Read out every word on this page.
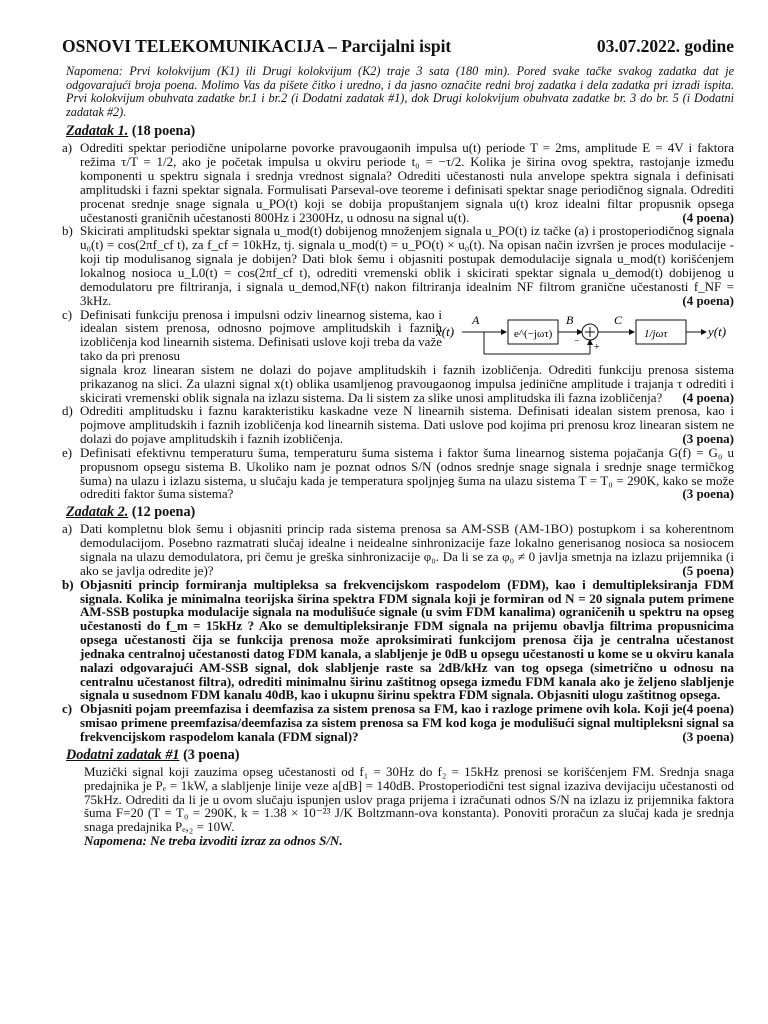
OSNOVI TELEKOMUNIKACIJA – Parcijalni ispit	03.07.2022. godine
Napomena: Prvi kolokvijum (K1) ili Drugi kolokvijum (K2) traje 3 sata (180 min). Pored svake tačke svakog zadatka dat je odgovarajući broja poena. Molimo Vas da pišete čitko i uredno, i da jasno označite redni broj zadatka i dela zadatka pri izradi ispita. Prvi kolokvijum obuhvata zadatke br.1 i br.2 (i Dodatni zadatak #1), dok Drugi kolokvijum obuhvata zadatke br. 3 do br. 5 (i Dodatni zadatak #2).
Zadatak 1. (18 poena)
a) Odrediti spektar periodične unipolarne povorke pravougaonih impulsa u(t) periode T = 2ms, amplitude E = 4V i faktora režima τ/T = 1/2, ako je početak impulsa u okviru periode t₀ = −τ/2. Kolika je širina ovog spektra, rastojanje između komponenti u spektru signala i srednja vrednost signala? Odrediti učestanosti nula anvelope spektra signala i definisati amplitudski i fazni spektar signala. Formulisati Parseval-ove teoreme i definisati spektar snage periodičnog signala. Odrediti procenat srednje snage signala u_PO(t) koji se dobija propuštanjem signala u(t) kroz idealni filtar propusnik opsega učestanosti graničnih učestanosti 800Hz i 2300Hz, u odnosu na signal u(t).	(4 poena)
b) Skicirati amplitudski spektar signala u_mod(t) dobijenog množenjem signala u_PO(t) iz tačke (a) i prostoperiodičnog signala u₀(t) = cos(2πf_cf t), za f_cf = 10kHz, tj. signala u_mod(t) = u_PO(t) × u₀(t). Na opisan način izvršen je proces modulacije - koji tip modulisanog signala je dobijen? Dati blok šemu i objasniti postupak demodulacije signala u_mod(t) korišćenjem lokalnog nosioca u_L0(t) = cos(2πf_cf t), odrediti vremenski oblik i skicirati spektar signala u_demod(t) dobijenog u demodulatoru pre filtriranja, i signala u_demod,NF(t) nakon filtriranja idealnim NF filtrom granične učestanosti f_NF = 3kHz.	(4 poena)
c) Definisati funkciju prenosa i impulsni odziv linearnog sistema, kao i idealan sistem prenosa, odnosno pojmove amplitudskih i faznih izobličenja kod linearnih sistema. Definisati uslove koji treba da važe tako da pri prenosu
x(t)
A
e^(−jωτ)
B
−
+
C
1/jωτ	y(t)
signala kroz linearan sistem ne dolazi do pojave amplitudskih i faznih izobličenja. Odrediti funkciju prenosa sistema prikazanog na slici. Za ulazni signal x(t) oblika usamljenog pravougaonog impulsa jedinične amplitude i trajanja τ odrediti i skicirati vremenski oblik signala na izlazu sistema. Da li sistem za slike unosi amplitudska ili fazna izobličenja? (4 poena)
d) Odrediti amplitudsku i faznu karakteristiku kaskadne veze N linearnih sistema. Definisati idealan sistem prenosa, kao i pojmove amplitudskih i faznih izobličenja kod linearnih sistema. Dati uslove pod kojima pri prenosu kroz linearan sistem ne dolazi do pojave amplitudskih i faznih izobličenja.	(3 poena)
e) Definisati efektivnu temperaturu šuma, temperaturu šuma sistema i faktor šuma linearnog sistema pojačanja G(f) = G₀ u propusnom opsegu sistema B. Ukoliko nam je poznat odnos S/N (odnos srednje snage signala i srednje snage termičkog šuma) na ulazu i izlazu sistema, u slučaju kada je temperatura spoljnjeg šuma na ulazu sistema T = T₀ = 290K, kako se može odrediti faktor šuma sistema?	(3 poena)
Zadatak 2. (12 poena)
a) Dati kompletnu blok šemu i objasniti princip rada sistema prenosa sa AM-SSB (AM-1BO) postupkom i sa koherentnom demodulacijom. Posebno razmatrati slučaj idealne i neidealne sinhronizacije faze lokalno generisanog nosioca sa nosiocem signala na ulazu demodulatora, pri čemu je greška sinhronizacije φ₀. Da li se za φ₀ ≠ 0 javlja smetnja na izlazu prijemnika (i ako se javlja odredite je)?	(5 poena)
b) Objasniti princip formiranja multipleksa sa frekvencijskom raspodelom (FDM), kao i demultipleksiranja FDM signala. Kolika je minimalna teorijska širina spektra FDM signala koji je formiran od N = 20 signala putem primene AM-SSB postupka modulacije signala na modulišuće signale (u svim FDM kanalima) ograničenih u spektru na opseg učestanosti do f_m = 15kHz ? Ako se demultipleksiranje FDM signala na prijemu obavlja filtrima propusnicima opsega učestanosti čija se funkcija prenosa može aproksimirati funkcijom prenosa čija je centralna učestanost jednaka centralnoj učestanosti datog FDM kanala, a slabljenje je 0dB u opsegu učestanosti u kome se u okviru kanala nalazi odgovarajući AM-SSB signal, dok slabljenje raste sa 2dB/kHz van tog opsega (simetrično u odnosu na centralnu učestanost filtra), odrediti minimalnu širinu zaštitnog opsega između FDM kanala ako je željeno slabljenje signala u susednom FDM kanalu 40dB, kao i ukupnu širinu spektra FDM signala. Objasniti ulogu zaštitnog opsega.
(4 poena)
c) Objasniti pojam preemfazisa i deemfazisa za sistem prenosa sa FM, kao i razloge primene ovih kola. Koji je smisao primene preemfazisa/deemfazisa za sistem prenosa sa FM kod koga je modulišući signal multipleksni signal sa frekvencijskom raspodelom kanala (FDM signal)?	(3 poena)
Dodatni zadatak #1 (3 poena)
Muzički signal koji zauzima opseg učestanosti od f₁ = 30Hz do f₂ = 15kHz prenosi se korišćenjem FM. Srednja snaga predajnika je Pₑ = 1kW, a slabljenje linije veze a[dB] = 140dB. Prostoperiodični test signal izaziva devijaciju učestanosti od 75kHz. Odrediti da li je u ovom slučaju ispunjen uslov praga prijema i izračunati odnos S/N na izlazu iz prijemnika faktora šuma F=20 (T = T₀ = 290K, k = 1.38 × 10⁻²³ J/K Boltzmann-ova konstanta). Ponoviti proračun za slučaj kada je srednja snaga predajnika Pₑ,₂ = 10W.
Napomena: Ne treba izvoditi izraz za odnos S/N.
